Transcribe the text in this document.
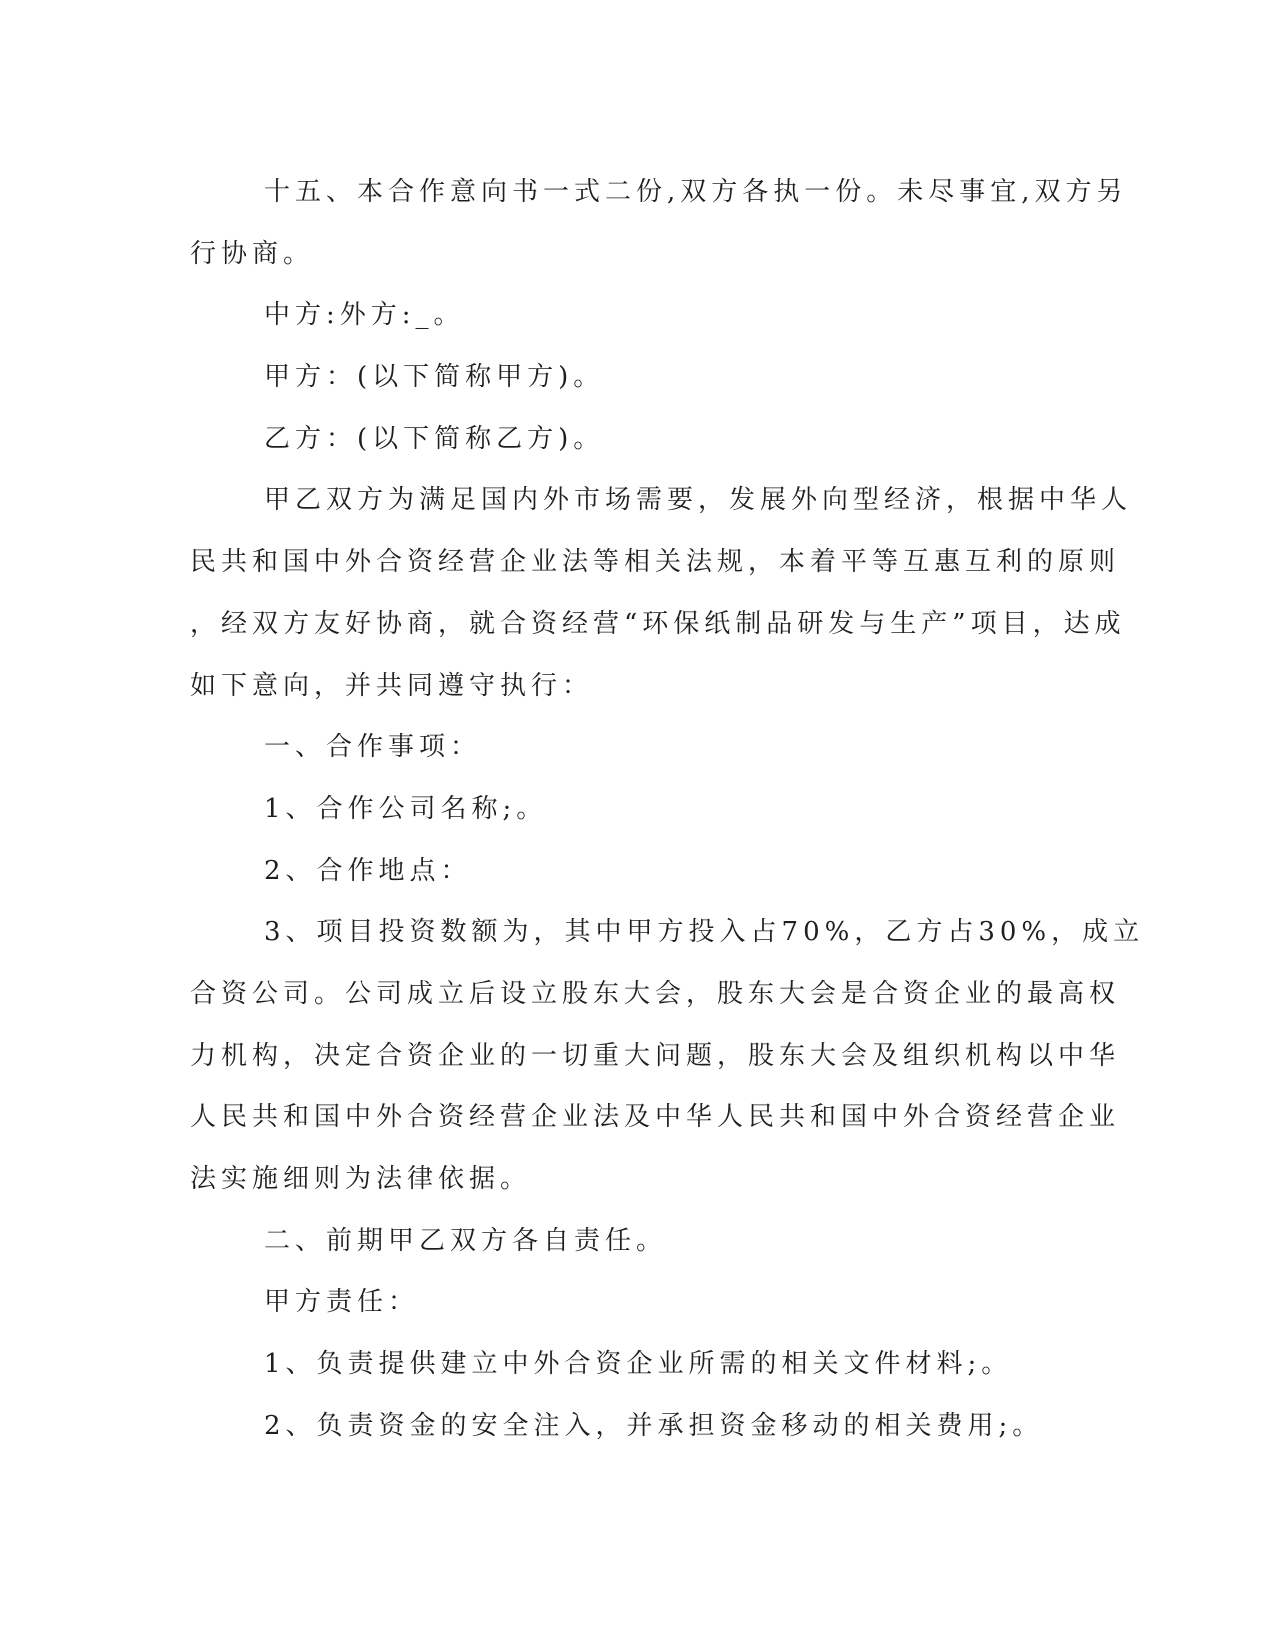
十五、本合作意向书一式二份,双方各执一份。未尽事宜,双方另

行协商。

中方:外方:_。

甲方：(以下简称甲方)。

乙方：(以下简称乙方)。

甲乙双方为满足国内外市场需要，发展外向型经济，根据中华人

民共和国中外合资经营企业法等相关法规，本着平等互惠互利的原则

，经双方友好协商，就合资经营“环保纸制品研发与生产”项目，达成

如下意向，并共同遵守执行：

一、合作事项：

1、合作公司名称;。

2、合作地点：

3、项目投资数额为，其中甲方投入占70%，乙方占30%，成立

合资公司。公司成立后设立股东大会，股东大会是合资企业的最高权

力机构，决定合资企业的一切重大问题，股东大会及组织机构以中华

人民共和国中外合资经营企业法及中华人民共和国中外合资经营企业

法实施细则为法律依据。

二、前期甲乙双方各自责任。

甲方责任：

1、负责提供建立中外合资企业所需的相关文件材料;。

2、负责资金的安全注入，并承担资金移动的相关费用;。
